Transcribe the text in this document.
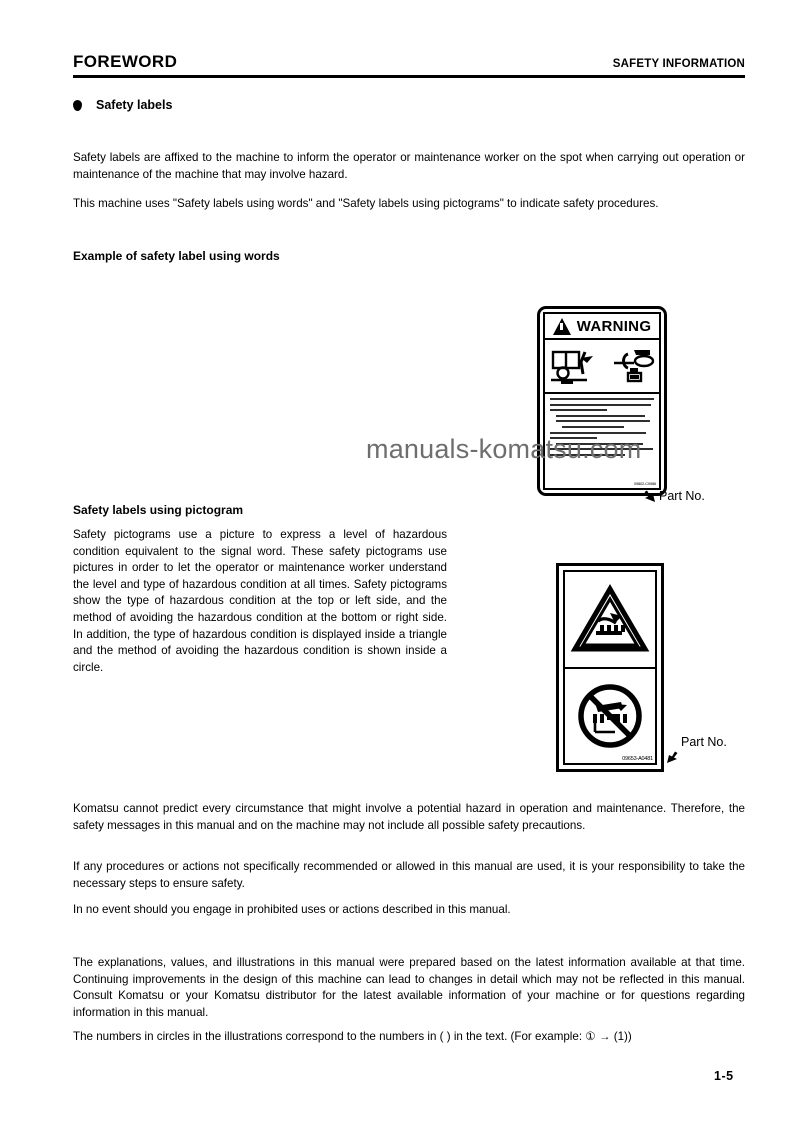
FOREWORD	SAFETY INFORMATION
Safety labels
Safety labels are affixed to the machine to inform the operator or maintenance worker on the spot when carrying out operation or maintenance of the machine that may involve hazard.
This machine uses "Safety labels using words" and "Safety labels using pictograms" to indicate safety procedures.
Example of safety label using words
WARNING
09802-C0986
Part No.
Safety labels using pictogram
Safety pictograms use a picture to express a level of hazardous condition equivalent to the signal word. These safety pictograms use pictures in order to let the operator or maintenance worker understand the level and type of hazardous condition at all times. Safety pictograms show the type of hazardous condition at the top or left side, and the method of avoiding the hazardous condition at the bottom or right side. In addition, the type of hazardous condition is displayed inside a triangle and the method of avoiding the hazardous condition is shown inside a circle.
09653-A0481
Part No.
Komatsu cannot predict every circumstance that might involve a potential hazard in operation and maintenance. Therefore, the safety messages in this manual and on the machine may not include all possible safety precautions.
If any procedures or actions not specifically recommended or allowed in this manual are used, it is your responsibility to take the necessary steps to ensure safety.
In no event should you engage in prohibited uses or actions described in this manual.
The explanations, values, and illustrations in this manual were prepared based on the latest information available at that time. Continuing improvements in the design of this machine can lead to changes in detail which may not be reflected in this manual. Consult Komatsu or your Komatsu distributor for the latest available information of your machine or for questions regarding information in this manual.
The numbers in circles in the illustrations correspond to the numbers in ( ) in the text. (For example: ① → (1))
manuals-komatsu.com
1-5
